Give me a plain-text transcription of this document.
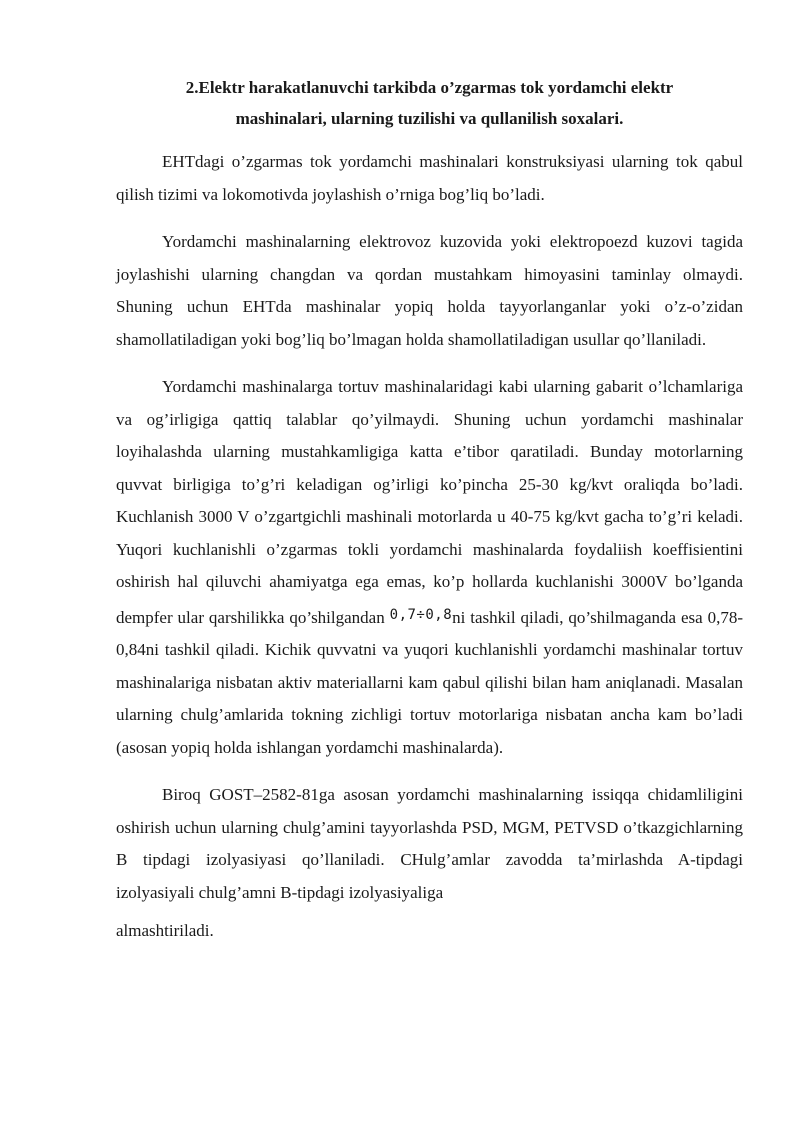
2.Elektr harakatlanuvchi tarkibda o’zgarmas tok yordamchi elektr
mashinalari, ularning tuzilishi va qullanilish soxalari.

EHTdagi o’zgarmas tok yordamchi mashinalari konstruksiyasi ularning tok qabul qilish tizimi va lokomotivda joylashish o’rniga bog’liq bo’ladi.

Yordamchi mashinalarning elektrovoz kuzovida yoki elektropoezd kuzovi tagida joylashishi ularning changdan va qordan mustahkam himoyasini taminlay olmaydi. Shuning uchun EHTda mashinalar yopiq holda tayyorlanganlar yoki o’z-o’zidan shamollatiladigan yoki bog’liq bo’lmagan holda shamollatiladigan usullar qo’llaniladi.

Yordamchi mashinalarga tortuv mashinalaridagi kabi ularning gabarit o’lchamlariga va og’irligiga qattiq talablar qo’yilmaydi. Shuning uchun yordamchi mashinalar loyihalashda ularning mustahkamligiga katta e’tibor qaratiladi. Bunday motorlarning quvvat birligiga to’g’ri keladigan og’irligi ko’pincha 25-30 kg/kvt oraliqda bo’ladi. Kuchlanish 3000 V o’zgartgichli mashinali motorlarda u 40-75 kg/kvt gacha to’g’ri keladi. Yuqori kuchlanishli o’zgarmas tokli yordamchi mashinalarda foydaliish koeffisientini oshirish hal qiluvchi ahamiyatga ega emas, ko’p hollarda kuchlanishi 3000V bo’lganda dempfer ular qarshilikka qo’shilgandan $^{0,7\div 0,8}$ni tashkil qiladi, qo’shilmaganda esa 0,78-0,84ni tashkil qiladi. Kichik quvvatni va yuqori kuchlanishli yordamchi mashinalar tortuv mashinalariga nisbatan aktiv materiallarni kam qabul qilishi bilan ham aniqlanadi. Masalan ularning chulg’amlarida tokning zichligi tortuv motorlariga nisbatan ancha kam bo’ladi (asosan yopiq holda ishlangan yordamchi mashinalarda).

Biroq GOST–2582-81ga asosan yordamchi mashinalarning issiqqa chidamliligini oshirish uchun ularning chulg’amini tayyorlashda PSD, MGM, PETVSD o’tkazgichlarning B tipdagi izolyasiyasi qo’llaniladi. CHulg’amlar zavodda ta’mirlashda A-tipdagi izolyasiyali chulg’amni B-tipdagi izolyasiyaliga

almashtiriladi.
